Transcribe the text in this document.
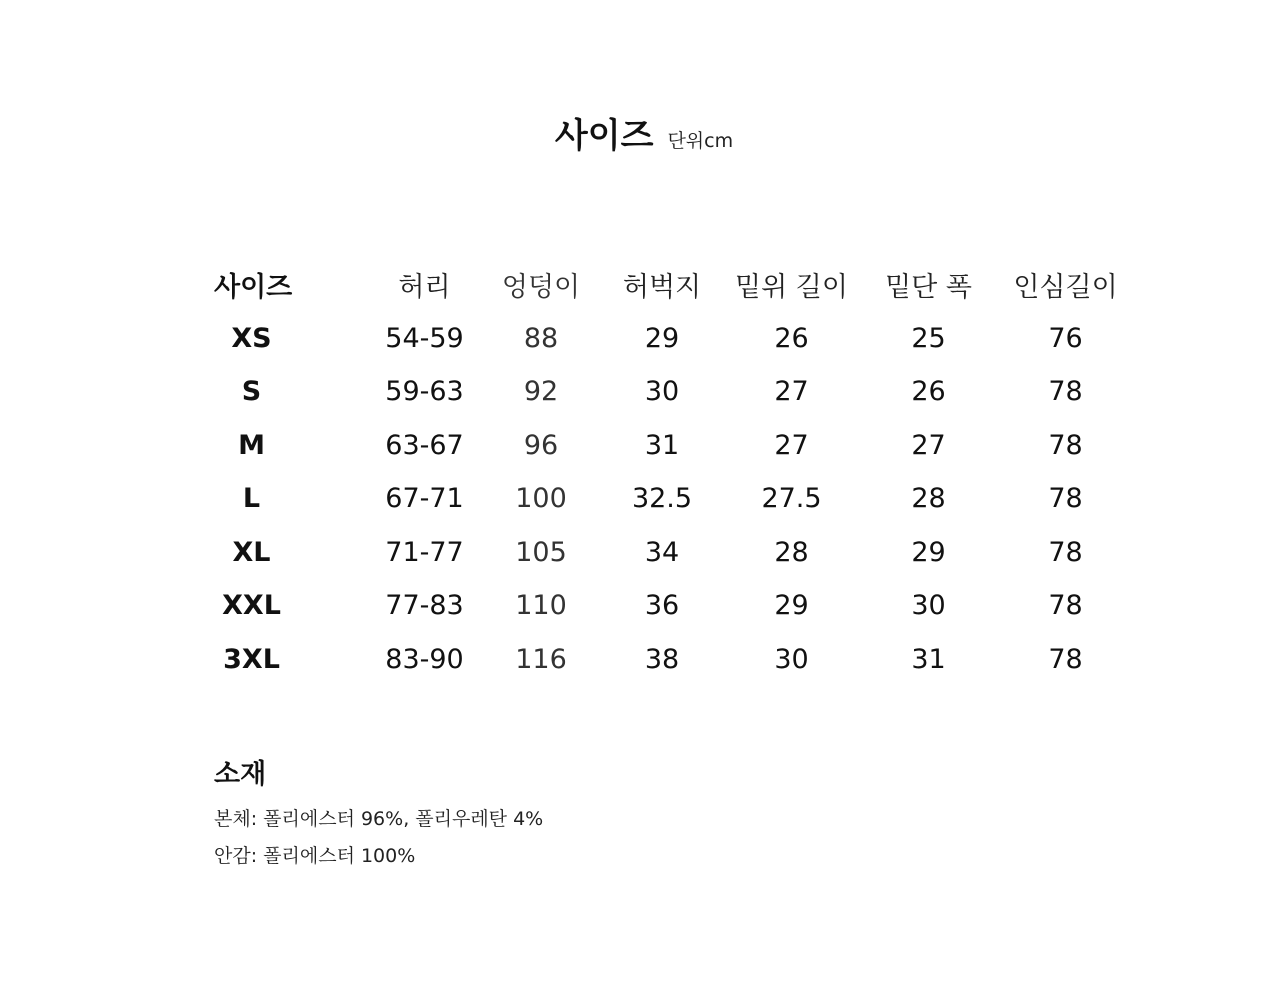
사이즈 단위cm
사이즈	허리	엉덩이	허벅지	밑위 길이	밑단 폭	인심길이
XS	54-59	88	29	26	25	76
S	59-63	92	30	27	26	78
M	63-67	96	31	27	27	78
L	67-71	100	32.5	27.5	28	78
XL	71-77	105	34	28	29	78
XXL	77-83	110	36	29	30	78
3XL	83-90	116	38	30	31	78
소재

본체: 폴리에스터 96%, 폴리우레탄 4%

안감: 폴리에스터 100%
